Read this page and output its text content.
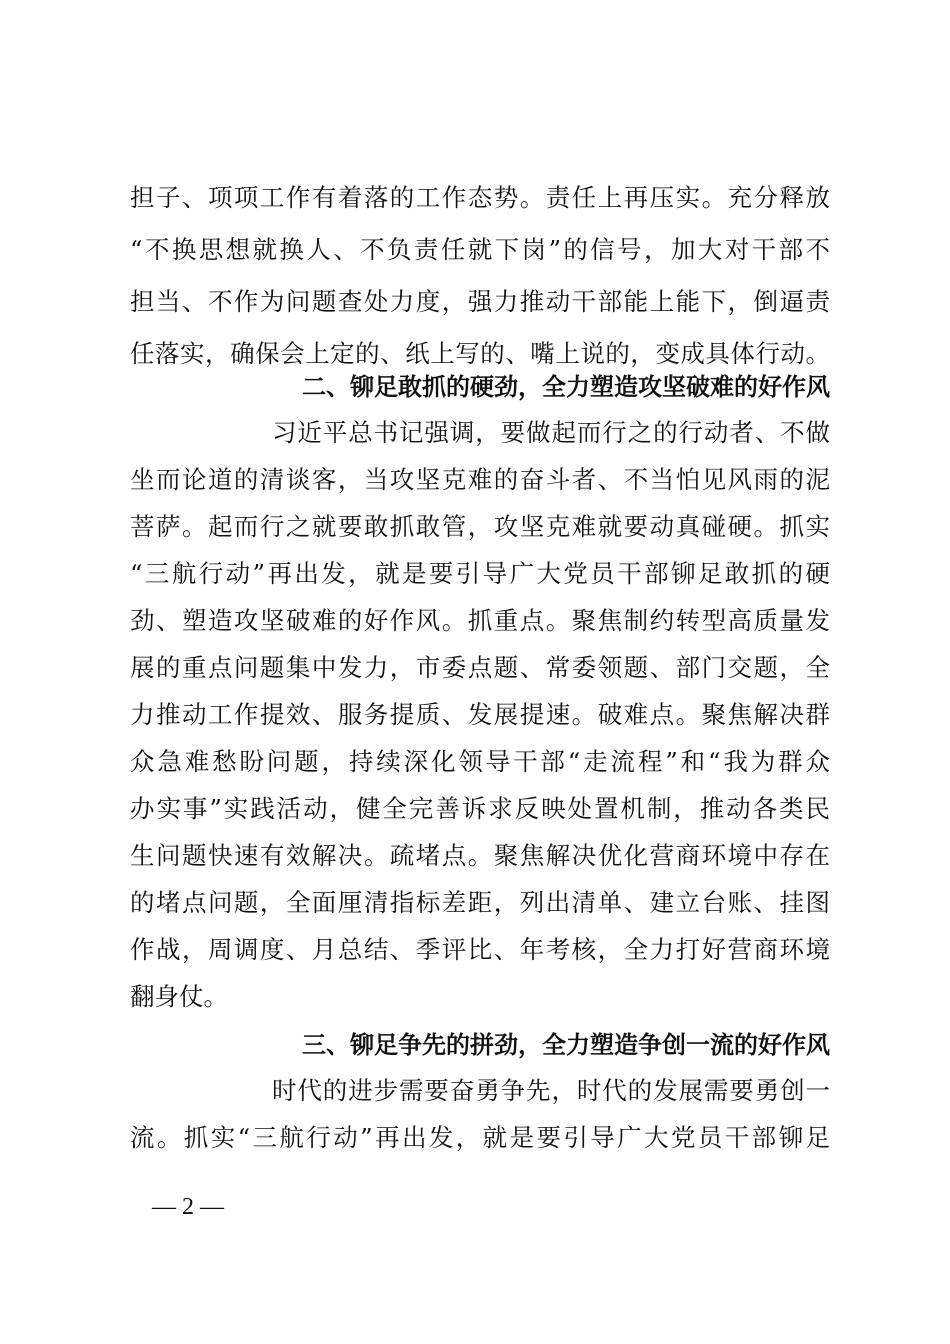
担子、项项工作有着落的工作态势。责任上再压实。充分释放
“不换思想就换人、不负责任就下岗”的信号，加大对干部不
担当、不作为问题查处力度，强力推动干部能上能下，倒逼责
任落实，确保会上定的、纸上写的、嘴上说的，变成具体行动。
二、铆足敢抓的硬劲，全力塑造攻坚破难的好作风
习近平总书记强调，要做起而行之的行动者、不做
坐而论道的清谈客，当攻坚克难的奋斗者、不当怕见风雨的泥
菩萨。起而行之就要敢抓敢管，攻坚克难就要动真碰硬。抓实
“三航行动”再出发，就是要引导广大党员干部铆足敢抓的硬
劲、塑造攻坚破难的好作风。抓重点。聚焦制约转型高质量发
展的重点问题集中发力，市委点题、常委领题、部门交题，全
力推动工作提效、服务提质、发展提速。破难点。聚焦解决群
众急难愁盼问题，持续深化领导干部“走流程”和“我为群众
办实事”实践活动，健全完善诉求反映处置机制，推动各类民
生问题快速有效解决。疏堵点。聚焦解决优化营商环境中存在
的堵点问题，全面厘清指标差距，列出清单、建立台账、挂图
作战，周调度、月总结、季评比、年考核，全力打好营商环境
翻身仗。
三、铆足争先的拼劲，全力塑造争创一流的好作风
时代的进步需要奋勇争先，时代的发展需要勇创一
流。抓实“三航行动”再出发，就是要引导广大党员干部铆足
— 2 —
